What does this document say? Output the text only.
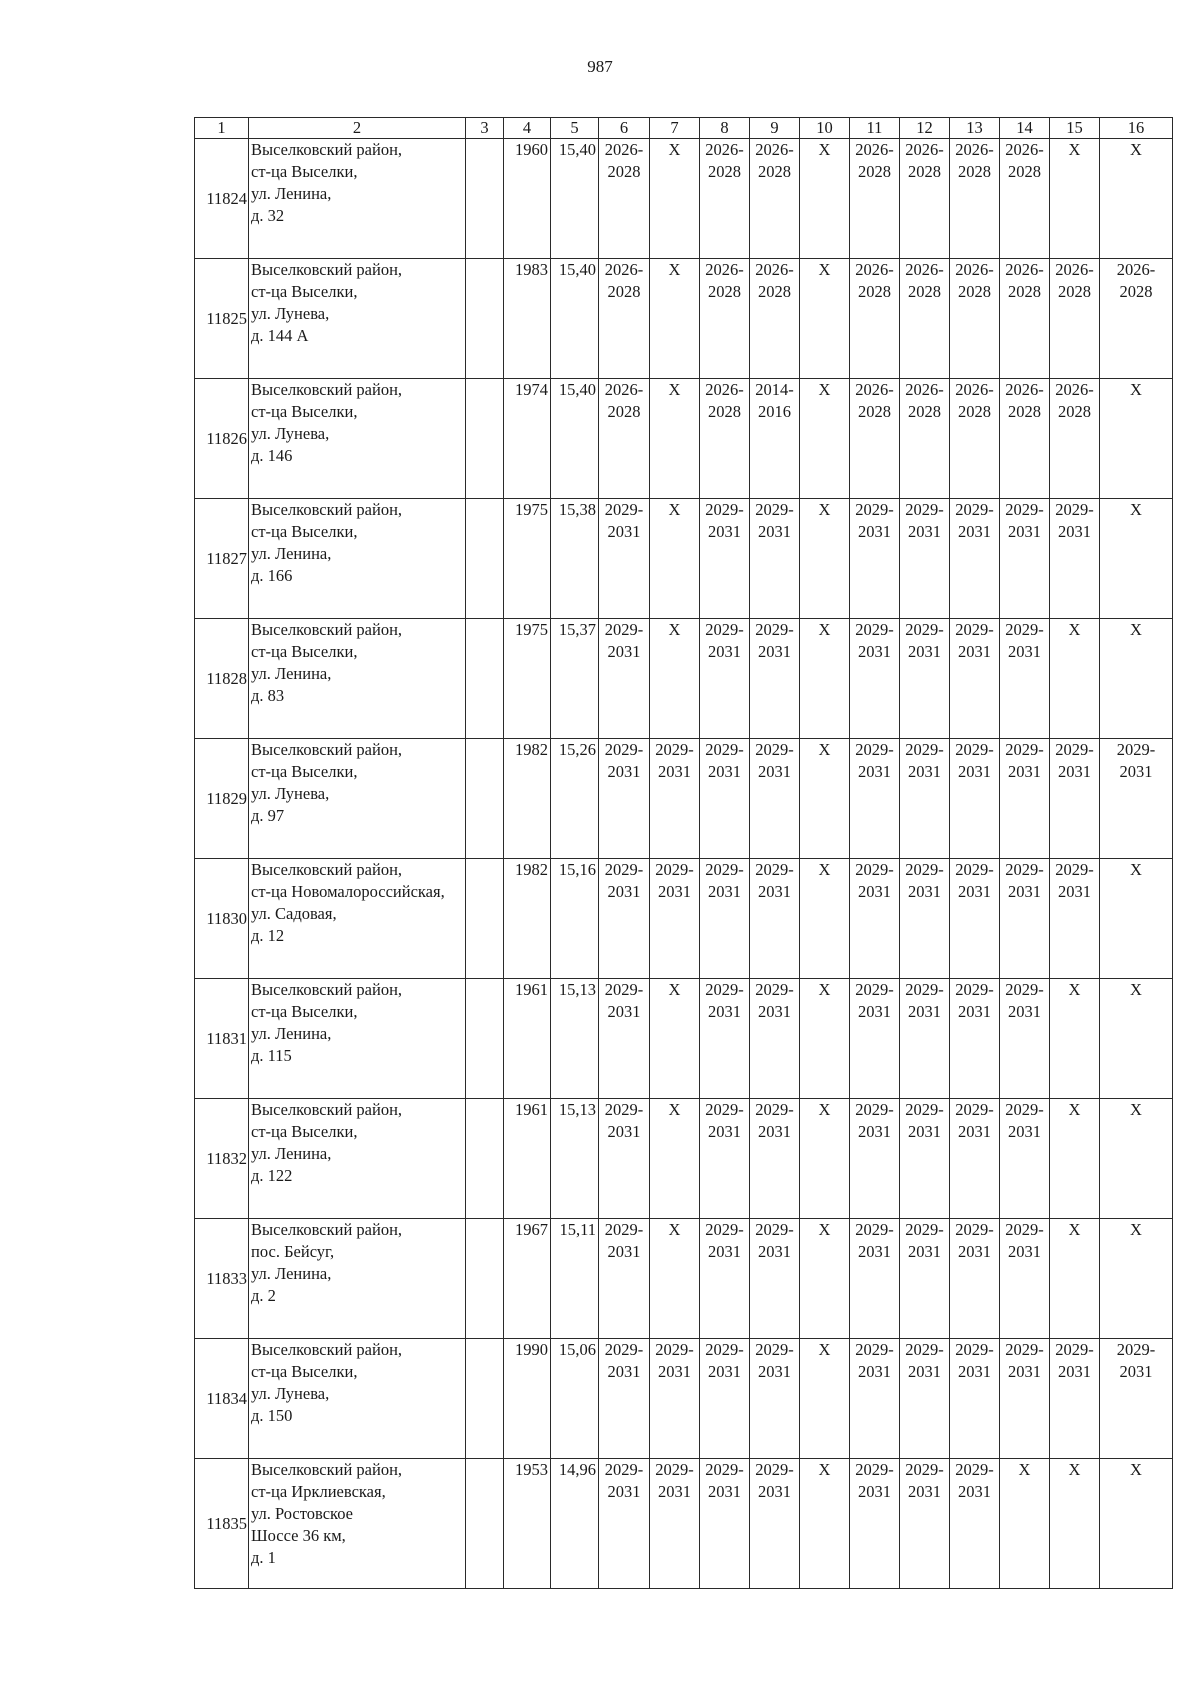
987
1	2	3	4	5	6	7	8	9	10	11	12	13	14	15	16
11824	Выселковский район,
ст-ца Выселки,
ул. Ленина,
д. 32		1960	15,40	2026-
2028	X	2026-
2028	2026-
2028	X	2026-
2028	2026-
2028	2026-
2028	2026-
2028	X	X

11825	Выселковский район,
ст-ца Выселки,
ул. Лунева,
д. 144 А		1983	15,40	2026-
2028	X	2026-
2028	2026-
2028	X	2026-
2028	2026-
2028	2026-
2028	2026-
2028	2026-
2028	2026-
2028

11826	Выселковский район,
ст-ца Выселки,
ул. Лунева,
д. 146		1974	15,40	2026-
2028	X	2026-
2028	2014-
2016	X	2026-
2028	2026-
2028	2026-
2028	2026-
2028	2026-
2028	X

11827	Выселковский район,
ст-ца Выселки,
ул. Ленина,
д. 166		1975	15,38	2029-
2031	X	2029-
2031	2029-
2031	X	2029-
2031	2029-
2031	2029-
2031	2029-
2031	2029-
2031	X

11828	Выселковский район,
ст-ца Выселки,
ул. Ленина,
д. 83		1975	15,37	2029-
2031	X	2029-
2031	2029-
2031	X	2029-
2031	2029-
2031	2029-
2031	2029-
2031	X	X

11829	Выселковский район,
ст-ца Выселки,
ул. Лунева,
д. 97		1982	15,26	2029-
2031	2029-
2031	2029-
2031	2029-
2031	X	2029-
2031	2029-
2031	2029-
2031	2029-
2031	2029-
2031	2029-
2031

11830	Выселковский район,
ст-ца Новомалороссийская,
ул. Садовая,
д. 12		1982	15,16	2029-
2031	2029-
2031	2029-
2031	2029-
2031	X	2029-
2031	2029-
2031	2029-
2031	2029-
2031	2029-
2031	X

11831	Выселковский район,
ст-ца Выселки,
ул. Ленина,
д. 115		1961	15,13	2029-
2031	X	2029-
2031	2029-
2031	X	2029-
2031	2029-
2031	2029-
2031	2029-
2031	X	X

11832	Выселковский район,
ст-ца Выселки,
ул. Ленина,
д. 122		1961	15,13	2029-
2031	X	2029-
2031	2029-
2031	X	2029-
2031	2029-
2031	2029-
2031	2029-
2031	X	X

11833	Выселковский район,
пос. Бейсуг,
ул. Ленина,
д. 2		1967	15,11	2029-
2031	X	2029-
2031	2029-
2031	X	2029-
2031	2029-
2031	2029-
2031	2029-
2031	X	X

11834	Выселковский район,
ст-ца Выселки,
ул. Лунева,
д. 150		1990	15,06	2029-
2031	2029-
2031	2029-
2031	2029-
2031	X	2029-
2031	2029-
2031	2029-
2031	2029-
2031	2029-
2031	2029-
2031

11835	Выселковский район,
ст-ца Ирклиевская,
ул. Ростовское
Шоссе 36 км,
д. 1		1953	14,96	2029-
2031	2029-
2031	2029-
2031	2029-
2031	X	2029-
2031	2029-
2031	2029-
2031	X	X	X
